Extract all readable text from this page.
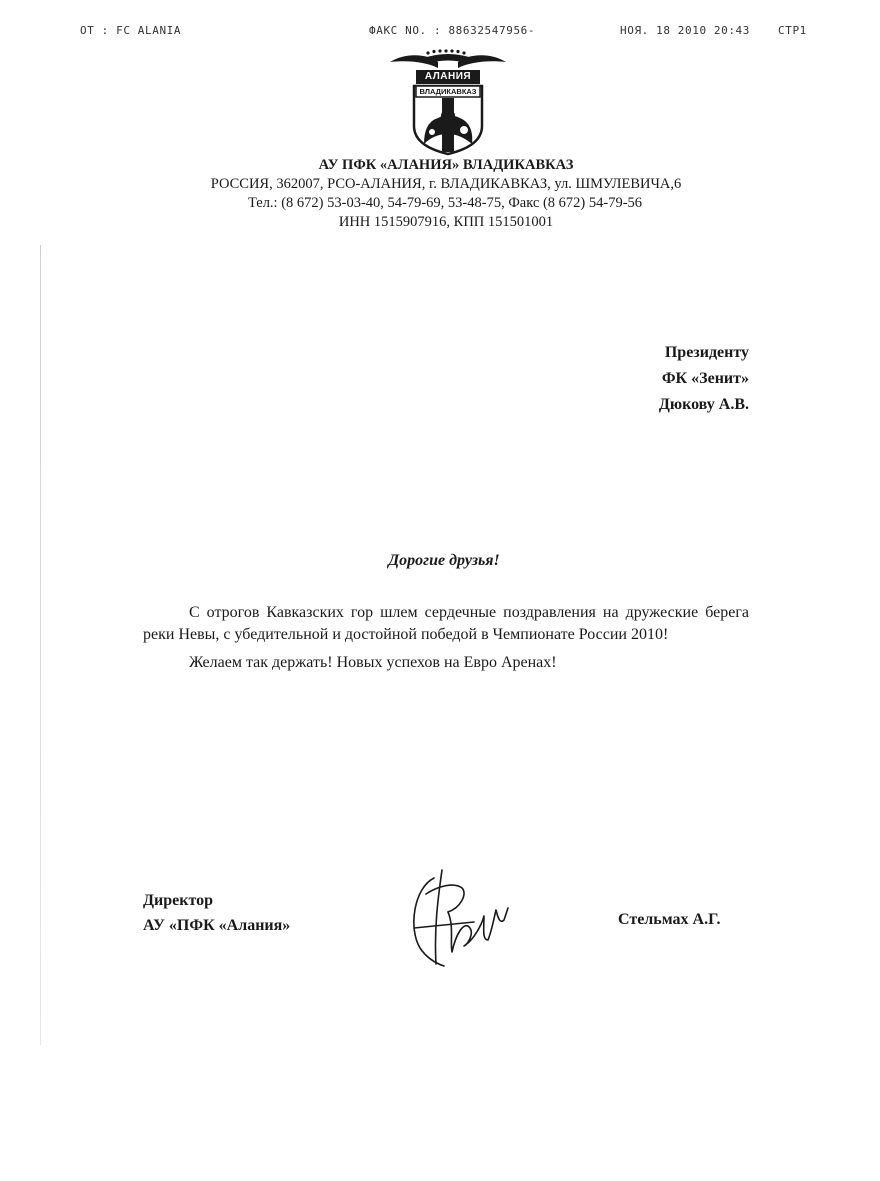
OT : FC ALANIA	ФАКС NO. : 88632547956-	НОЯ. 18 2010 20:43	СТР1
АЛАНИЯ
ВЛАДИКАВКАЗ
АУ ПФК «АЛАНИЯ» ВЛАДИКАВКАЗ
РОССИЯ, 362007, РСО-АЛАНИЯ, г. ВЛАДИКАВКАЗ, ул. ШМУЛЕВИЧА,6
Тел.: (8 672) 53-03-40, 54-79-69, 53-48-75, Факс (8 672) 54-79-56
ИНН 1515907916, КПП 151501001
Президенту
ФК «Зенит»
Дюкову А.В.
Дорогие друзья!

С отрогов Кавказских гор шлем сердечные поздравления на дружеские берега реки Невы, с убедительной и достойной победой в Чемпионате России 2010!

Желаем так держать! Новых успехов на Евро Аренах!

Директор
АУ «ПФК «Алания»	Стельмах А.Г.
